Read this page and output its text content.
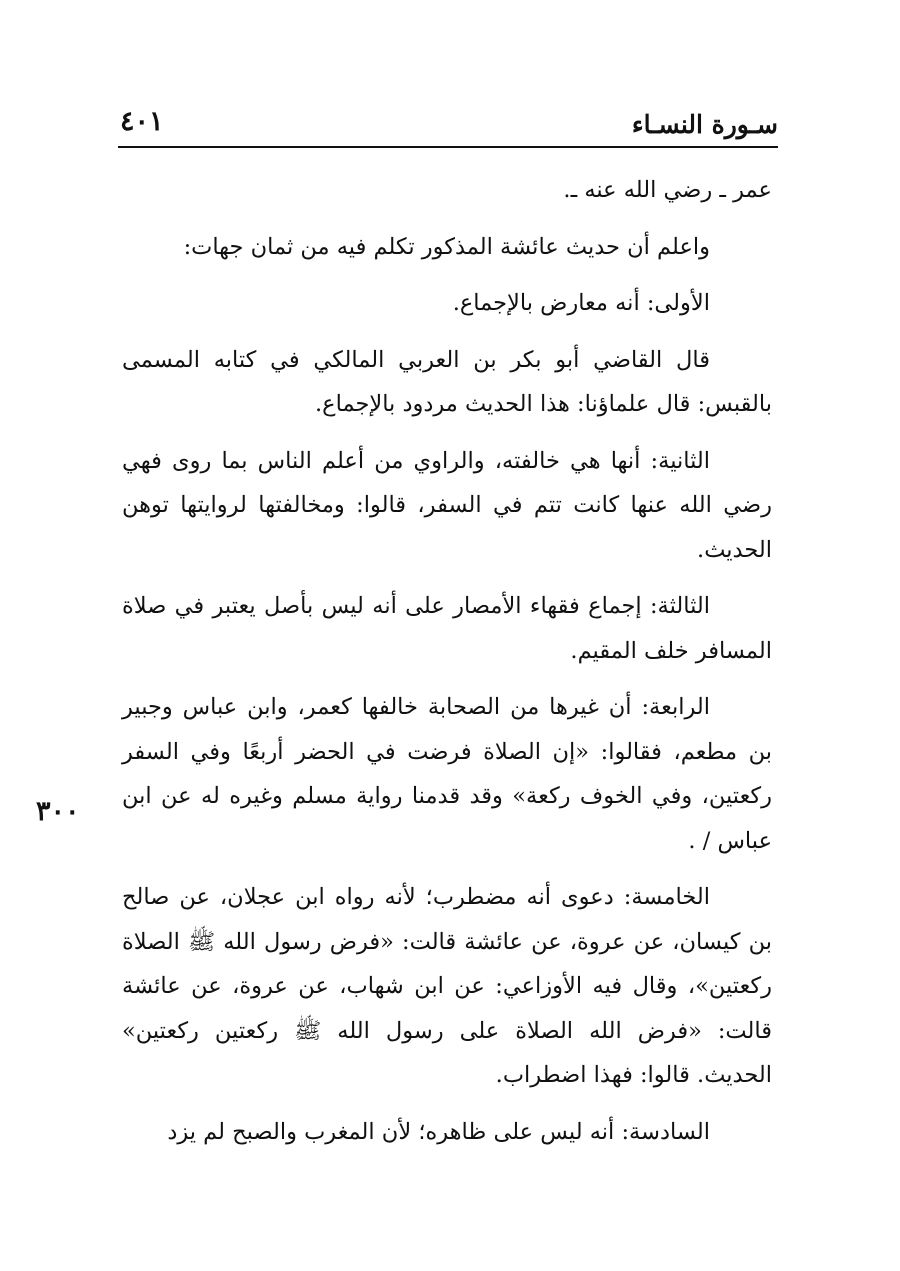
سـورة النسـاء
٤٠١
٣٠٠

عمر ـ رضي الله عنه ـ.

واعلم أن حديث عائشة المذكور تكلم فيه من ثمان جهات:

الأولى: أنه معارض بالإجماع.

قال القاضي أبو بكر بن العربي المالكي في كتابه المسمى بالقبس: قال علماؤنا: هذا الحديث مردود بالإجماع.

الثانية: أنها هي خالفته، والراوي من أعلم الناس بما روى فهي رضي الله عنها كانت تتم في السفر، قالوا: ومخالفتها لروايتها توهن الحديث.

الثالثة: إجماع فقهاء الأمصار على أنه ليس بأصل يعتبر في صلاة المسافر خلف المقيم.

الرابعة: أن غيرها من الصحابة خالفها كعمر، وابن عباس وجبير بن مطعم، فقالوا: «إن الصلاة فرضت في الحضر أربعًا وفي السفر ركعتين، وفي الخوف ركعة» وقد قدمنا رواية مسلم وغيره له عن ابن عباس / .

الخامسة: دعوى أنه مضطرب؛ لأنه رواه ابن عجلان، عن صالح بن كيسان، عن عروة، عن عائشة قالت: «فرض رسول الله ﷺ الصلاة ركعتين»، وقال فيه الأوزاعي: عن ابن شهاب، عن عروة، عن عائشة قالت: «فرض الله الصلاة على رسول الله ﷺ ركعتين ركعتين» الحديث. قالوا: فهذا اضطراب.

السادسة: أنه ليس على ظاهره؛ لأن المغرب والصبح لم يزد
